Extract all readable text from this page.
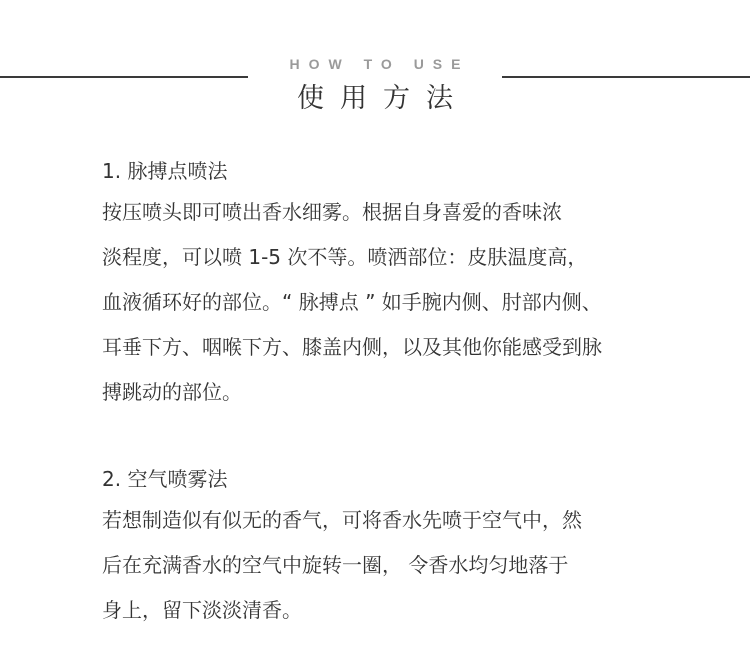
HOW TO USE
使用方法
1. 脉搏点喷法
按压喷头即可喷出香水细雾。根据自身喜爱的香味浓
淡程度，可以喷 1-5 次不等。喷洒部位：皮肤温度高，
血液循环好的部位。“ 脉搏点 ” 如手腕内侧、肘部内侧、
耳垂下方、咽喉下方、膝盖内侧，以及其他你能感受到脉
搏跳动的部位。
2. 空气喷雾法
若想制造似有似无的香气，可将香水先喷于空气中，然
后在充满香水的空气中旋转一圈， 令香水均匀地落于
身上，留下淡淡清香。
